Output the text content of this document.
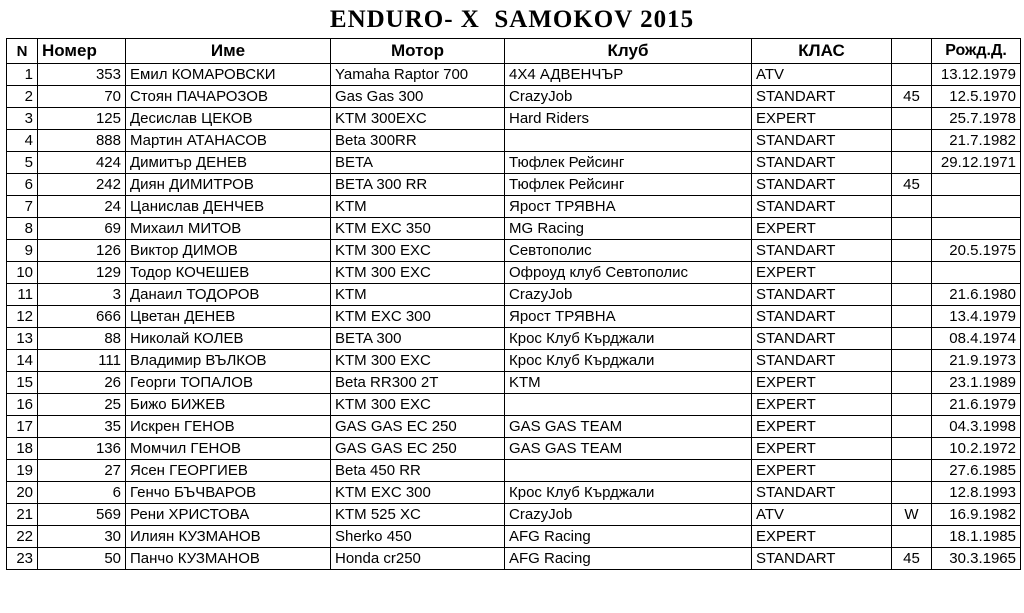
ENDURO- X  SAMOKOV 2015
N	Номер	Име	Мотор	Клуб	КЛАС		Рожд.Д.
1	353	Емил КОМАРОВСКИ	Yamaha Raptor 700	4Х4 АДВЕНЧЪР	ATV		13.12.1979
2	70	Стоян ПАЧАРОЗОВ	Gas Gas 300	CrazyJob	STANDART	45	12.5.1970
3	125	Десислав ЦЕКОВ	KTM 300EXC	Hard Riders	EXPERT		25.7.1978
4	888	Мартин АТАНАСОВ	Beta 300RR		STANDART		21.7.1982
5	424	Димитър ДЕНЕВ	BETA	Тюфлек Рейсинг	STANDART		29.12.1971
6	242	Диян ДИМИТРОВ	BETA 300 RR	Тюфлек Рейсинг	STANDART	45	
7	24	Цанислав ДЕНЧЕВ	KTM	Ярост ТРЯВНА	STANDART		
8	69	Михаил МИТОВ	KTM EXC 350	MG Racing	EXPERT		
9	126	Виктор ДИМОВ	KTM 300 EXC	Севтополис	STANDART		20.5.1975
10	129	Тодор КОЧЕШЕВ	KTM 300 EXC	Офроуд клуб Севтополис	EXPERT		
11	3	Данаил ТОДОРОВ	KTM	CrazyJob	STANDART		21.6.1980
12	666	Цветан ДЕНЕВ	KTM EXC 300	Ярост ТРЯВНА	STANDART		13.4.1979
13	88	Николай КОЛЕВ	BETA 300	Крос Клуб Кърджали	STANDART		08.4.1974
14	111	Владимир ВЪЛКОВ	KTM 300 EXC	Крос Клуб Кърджали	STANDART		21.9.1973
15	26	Георги ТОПАЛОВ	Beta RR300 2T	KTM	EXPERT		23.1.1989
16	25	Бижо БИЖЕВ	KTM 300 EXC		EXPERT		21.6.1979
17	35	Искрен ГЕНОВ	GAS GAS EC 250	GAS GAS TEAM	EXPERT		04.3.1998
18	136	Момчил ГЕНОВ	GAS GAS EC 250	GAS GAS TEAM	EXPERT		10.2.1972
19	27	Ясен ГЕОРГИЕВ	Beta 450 RR		EXPERT		27.6.1985
20	6	Генчо БЪЧВАРОВ	KTM EXC 300	Крос Клуб Кърджали	STANDART		12.8.1993
21	569	Рени ХРИСТОВА	KTM 525 XC	CrazyJob	ATV	W	16.9.1982
22	30	Илиян КУЗМАНОВ	Sherko 450	AFG Racing	EXPERT		18.1.1985
23	50	Панчо КУЗМАНОВ	Honda cr250	AFG Racing	STANDART	45	30.3.1965
